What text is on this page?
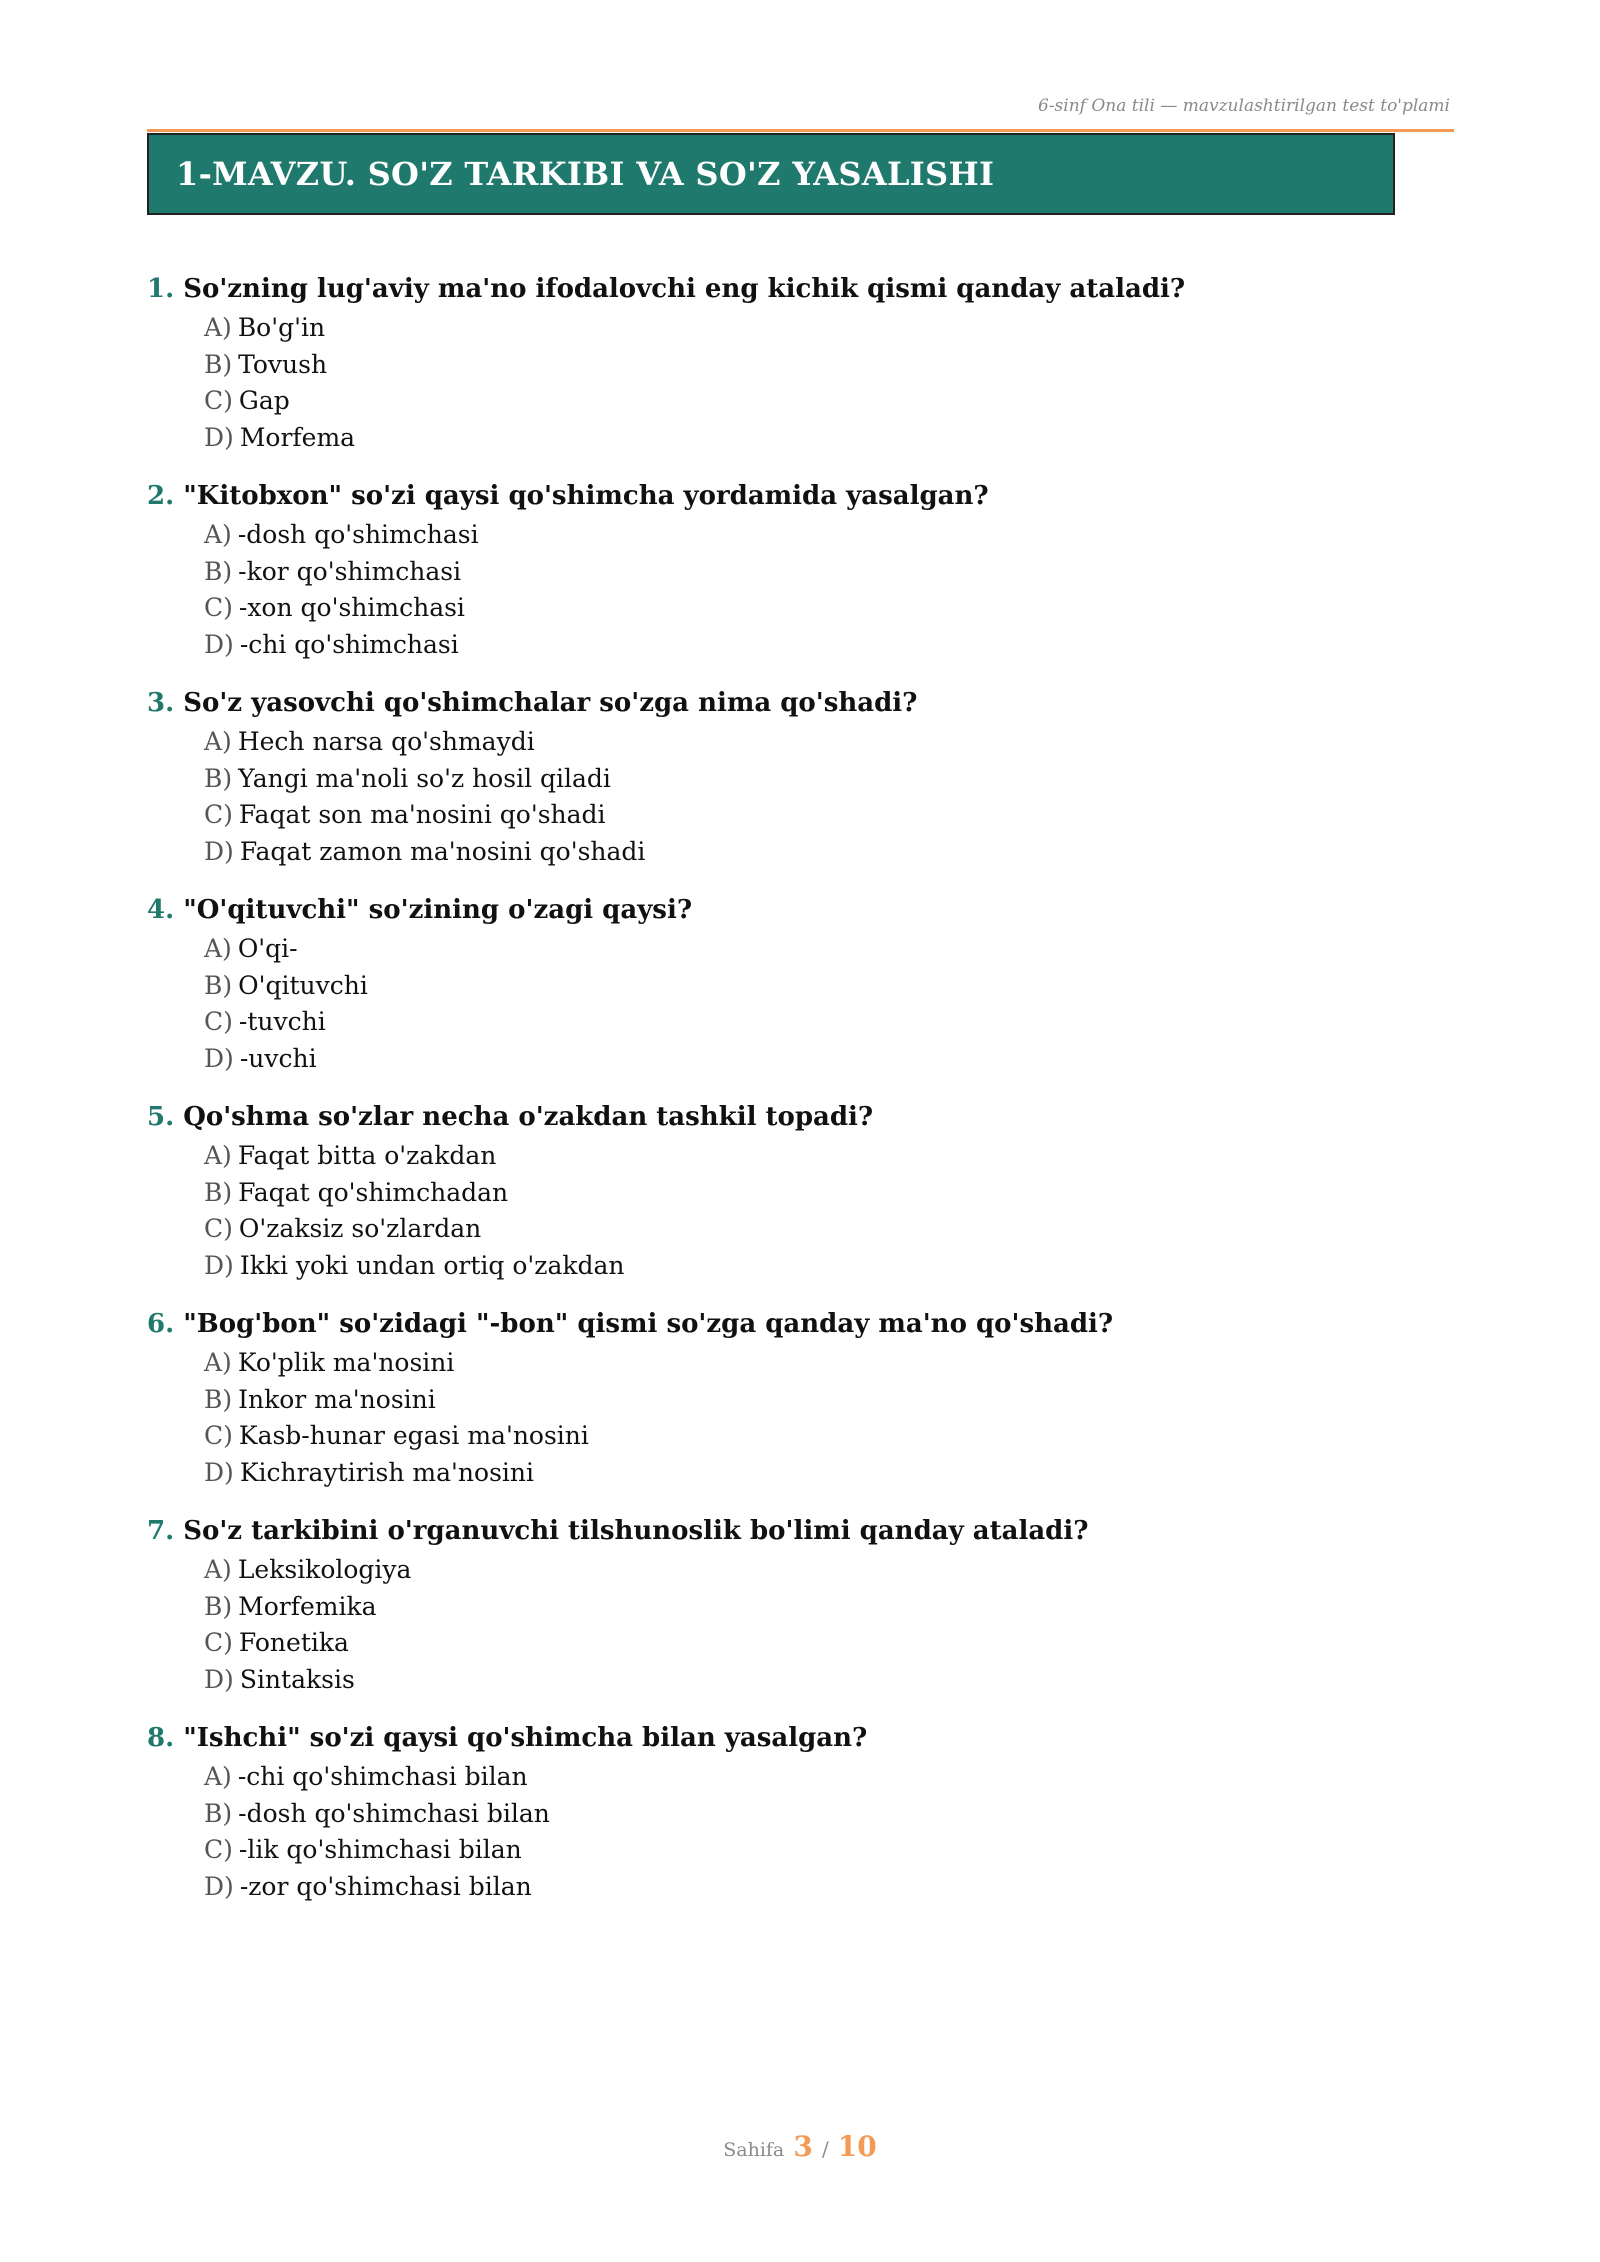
6-sinf Ona tili — mavzulashtirilgan test to'plami
1-MAVZU. SO'Z TARKIBI VA SO'Z YASALISHI
1. So'zning lug'aviy ma'no ifodalovchi eng kichik qismi qanday ataladi?
A) Bo'g'in
B) Tovush
C) Gap
D) Morfema
2. "Kitobxon" so'zi qaysi qo'shimcha yordamida yasalgan?
A) -dosh qo'shimchasi
B) -kor qo'shimchasi
C) -xon qo'shimchasi
D) -chi qo'shimchasi
3. So'z yasovchi qo'shimchalar so'zga nima qo'shadi?
A) Hech narsa qo'shmaydi
B) Yangi ma'noli so'z hosil qiladi
C) Faqat son ma'nosini qo'shadi
D) Faqat zamon ma'nosini qo'shadi
4. "O'qituvchi" so'zining o'zagi qaysi?
A) O'qi-
B) O'qituvchi
C) -tuvchi
D) -uvchi
5. Qo'shma so'zlar necha o'zakdan tashkil topadi?
A) Faqat bitta o'zakdan
B) Faqat qo'shimchadan
C) O'zaksiz so'zlardan
D) Ikki yoki undan ortiq o'zakdan
6. "Bog'bon" so'zidagi "-bon" qismi so'zga qanday ma'no qo'shadi?
A) Ko'plik ma'nosini
B) Inkor ma'nosini
C) Kasb-hunar egasi ma'nosini
D) Kichraytirish ma'nosini
7. So'z tarkibini o'rganuvchi tilshunoslik bo'limi qanday ataladi?
A) Leksikologiya
B) Morfemika
C) Fonetika
D) Sintaksis
8. "Ishchi" so'zi qaysi qo'shimcha bilan yasalgan?
A) -chi qo'shimchasi bilan
B) -dosh qo'shimchasi bilan
C) -lik qo'shimchasi bilan
D) -zor qo'shimchasi bilan
Sahifa 3 / 10
